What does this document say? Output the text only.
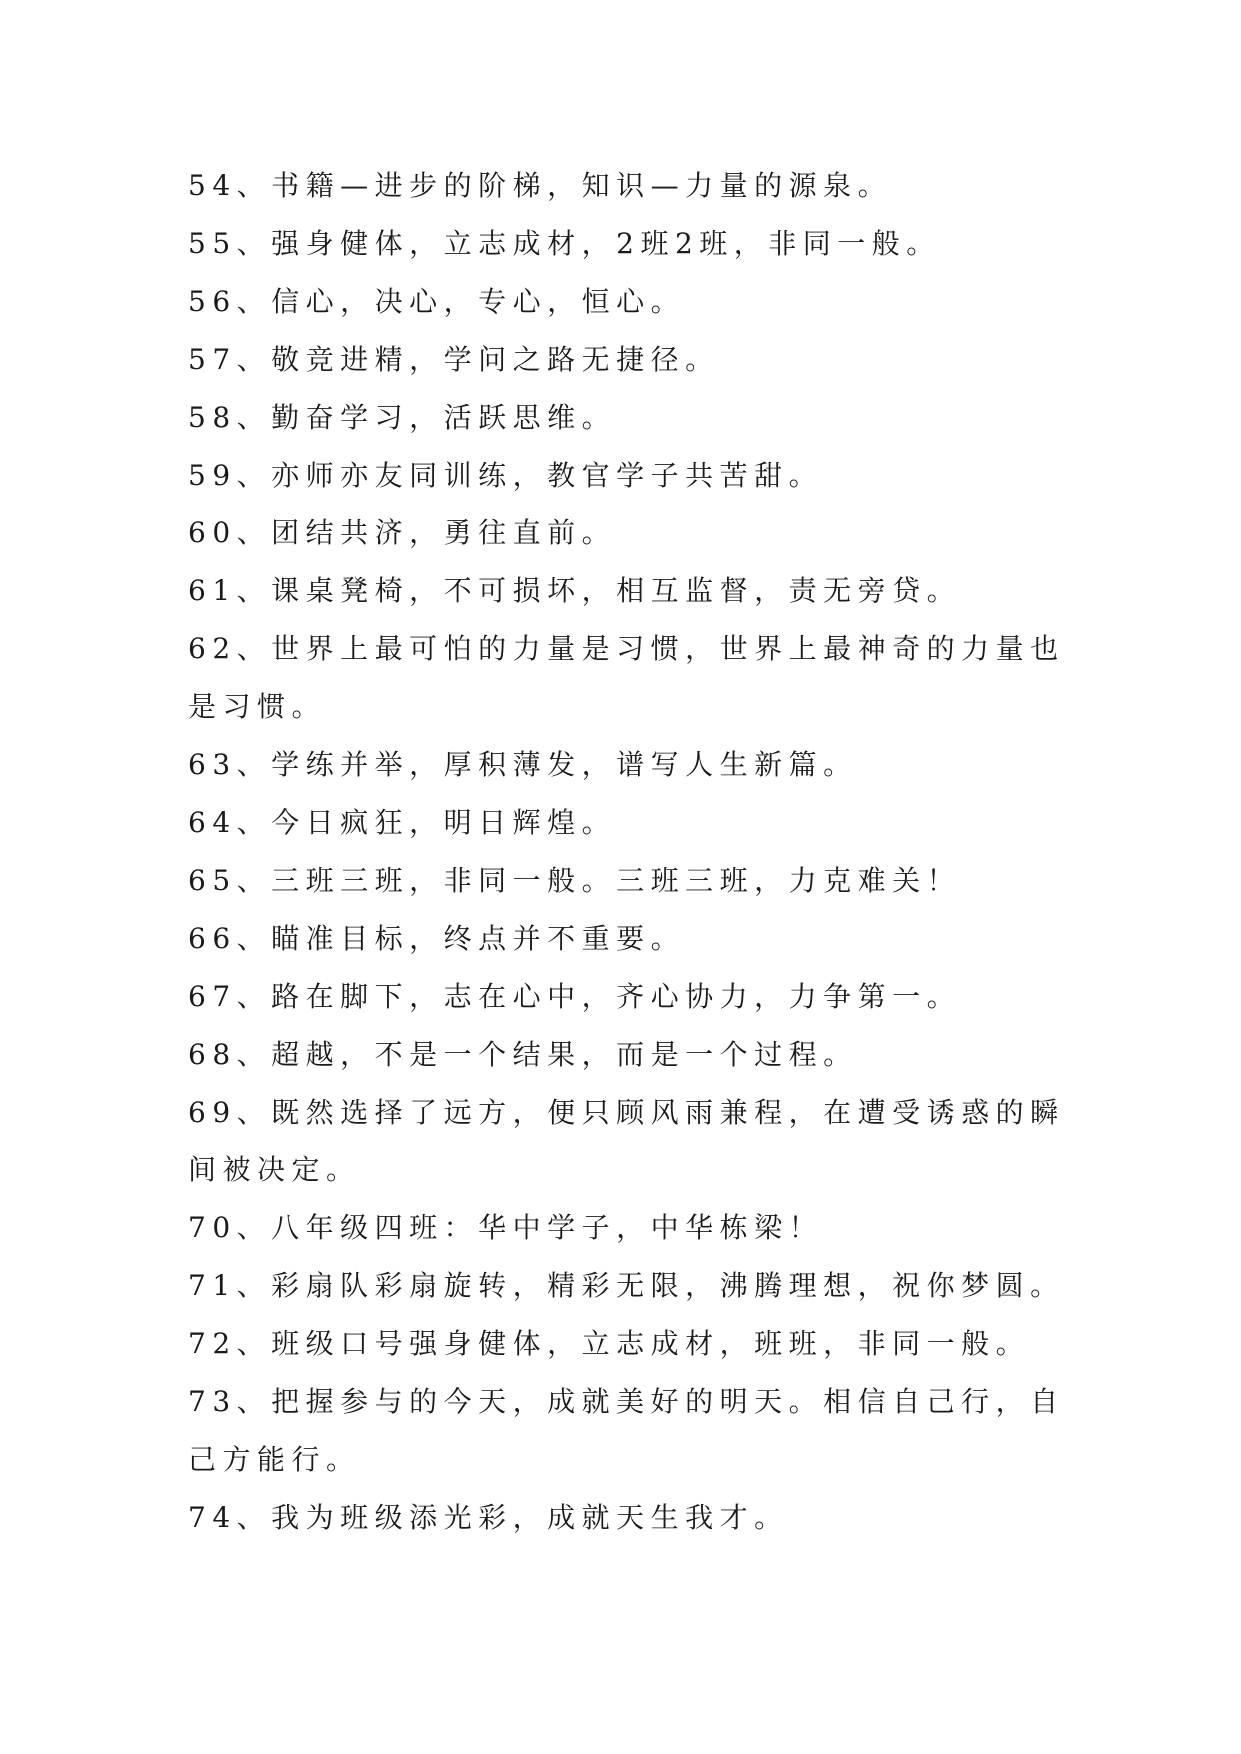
54、书籍—进步的阶梯，知识—力量的源泉。

55、强身健体，立志成材，2班2班，非同一般。

56、信心，决心，专心，恒心。

57、敬竞进精，学问之路无捷径。

58、勤奋学习，活跃思维。

59、亦师亦友同训练，教官学子共苦甜。

60、团结共济，勇往直前。

61、课桌凳椅，不可损坏，相互监督，责无旁贷。

62、世界上最可怕的力量是习惯，世界上最神奇的力量也是习惯。

63、学练并举，厚积薄发，谱写人生新篇。

64、今日疯狂，明日辉煌。

65、三班三班，非同一般。三班三班，力克难关！

66、瞄准目标，终点并不重要。

67、路在脚下，志在心中，齐心协力，力争第一。

68、超越，不是一个结果，而是一个过程。

69、既然选择了远方，便只顾风雨兼程，在遭受诱惑的瞬间被决定。

70、八年级四班：华中学子，中华栋梁！

71、彩扇队彩扇旋转，精彩无限，沸腾理想，祝你梦圆。

72、班级口号强身健体，立志成材，班班，非同一般。

73、把握参与的今天，成就美好的明天。相信自己行，自己方能行。

74、我为班级添光彩，成就天生我才。
